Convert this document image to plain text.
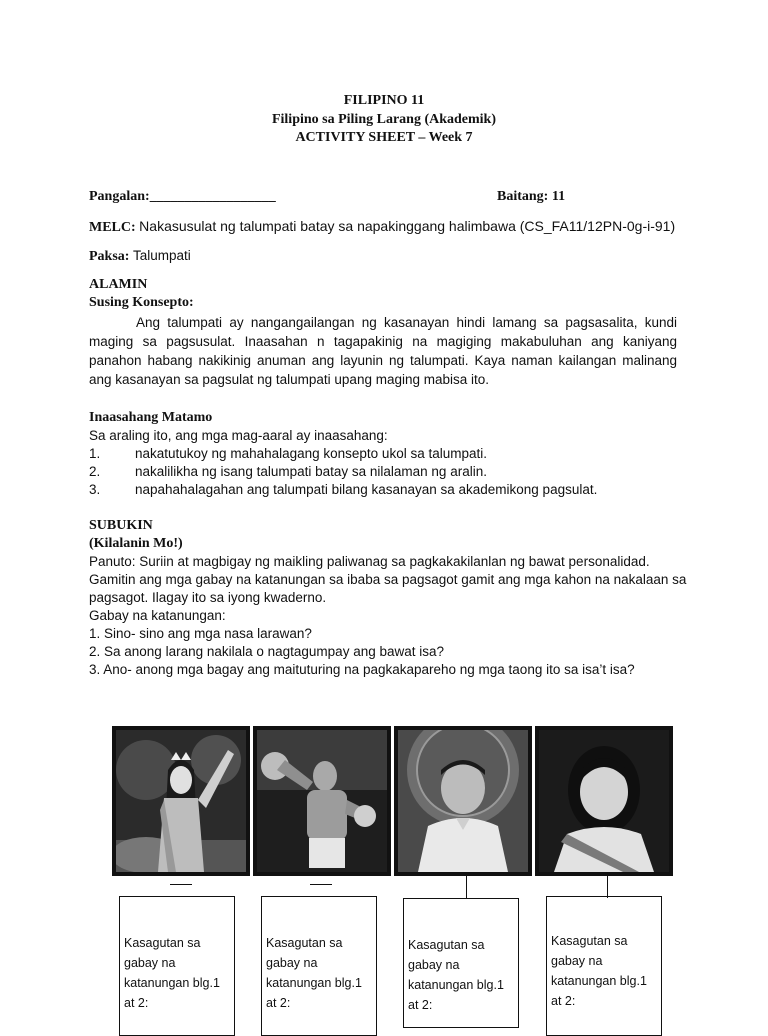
FILIPINO 11
Filipino sa Piling Larang (Akademik)
ACTIVITY SHEET – Week 7
Pangalan:__________________	Baitang: 11
MELC: Nakasusulat ng talumpati batay sa napakinggang halimbawa (CS_FA11/12PN-0g-i-91)
Paksa: Talumpati
ALAMIN
Susing Konsepto:
Ang talumpati ay nangangailangan ng kasanayan hindi lamang sa pagsasalita, kundi maging sa pagsusulat. Inaasahan n tagapakinig na magiging makabuluhan ang kaniyang panahon habang nakikinig anuman ang layunin ng talumpati. Kaya naman kailangan malinang ang kasanayan sa pagsulat ng talumpati upang maging mabisa ito.
Inaasahang Matamo
Sa araling ito, ang mga mag-aaral ay inaasahang:
1.	nakatutukoy ng mahahalagang konsepto ukol sa talumpati.
2.	nakalilikha ng isang talumpati batay sa nilalaman ng aralin.
3.	napahahalagahan ang talumpati bilang kasanayan sa akademikong pagsulat.
SUBUKIN
(Kilalanin Mo!)
Panuto: Suriin at magbigay ng maikling paliwanag sa pagkakakilanlan ng bawat personalidad.
Gamitin ang mga gabay na katanungan sa ibaba sa pagsagot gamit ang mga kahon na nakalaan sa
pagsagot. Ilagay ito sa iyong kwaderno.
Gabay na katanungan:
1. Sino- sino ang mga nasa larawan?
2. Sa anong larang nakilala o nagtagumpay ang bawat isa?
3. Ano- anong mga bagay ang maituturing na pagkakapareho ng mga taong ito sa isa’t isa?
Kasagutan sa
gabay na
katanungan blg.1
at 2:
Kasagutan sa
gabay na
katanungan blg.1
at 2:
Kasagutan sa
gabay na
katanungan blg.1
at 2:
Kasagutan sa
gabay na
katanungan blg.1
at 2:
